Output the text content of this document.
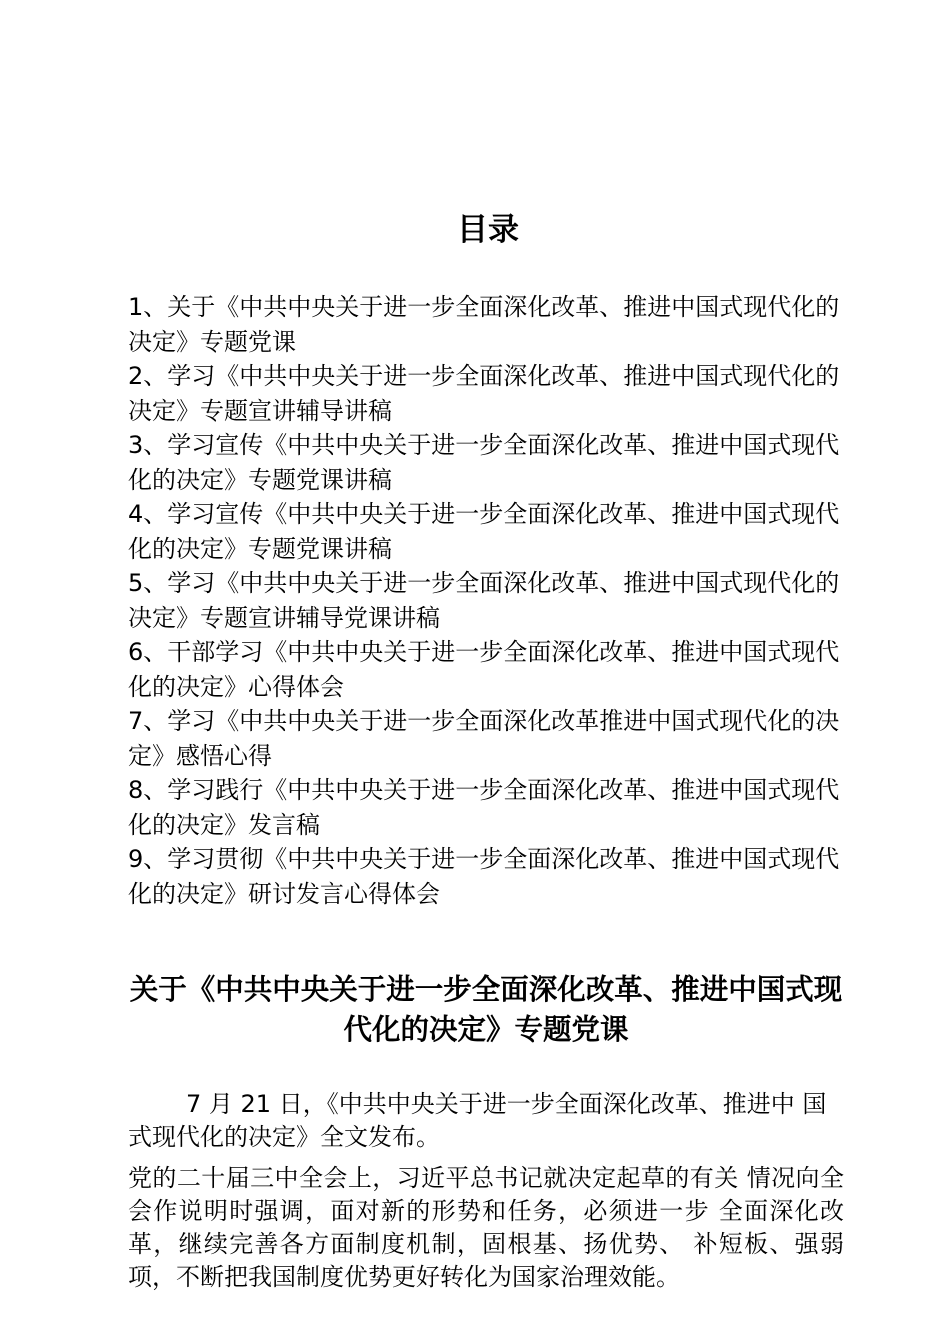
目录
1、关于《中共中央关于进一步全面深化改革、推进中国式现代化的决定》专题党课
2、学习《中共中央关于进一步全面深化改革、推进中国式现代化的决定》专题宣讲辅导讲稿
3、学习宣传《中共中央关于进一步全面深化改革、推进中国式现代化的决定》专题党课讲稿
4、学习宣传《中共中央关于进一步全面深化改革、推进中国式现代化的决定》专题党课讲稿
5、学习《中共中央关于进一步全面深化改革、推进中国式现代化的决定》专题宣讲辅导党课讲稿
6、干部学习《中共中央关于进一步全面深化改革、推进中国式现代化的决定》心得体会
7、学习《中共中央关于进一步全面深化改革推进中国式现代化的决定》感悟心得
8、学习践行《中共中央关于进一步全面深化改革、推进中国式现代化的决定》发言稿
9、学习贯彻《中共中央关于进一步全面深化改革、推进中国式现代化的决定》研讨发言心得体会
关于《中共中央关于进一步全面深化改革、推进中国式现代化的决定》专题党课

7 月 21 日，《中共中央关于进一步全面深化改革、推进中 国式现代化的决定》全文发布。

党的二十届三中全会上，习近平总书记就决定起草的有关 情况向全会作说明时强调，面对新的形势和任务，必须进一步 全面深化改革，继续完善各方面制度机制，固根基、扬优势、 补短板、强弱项，不断把我国制度优势更好转化为国家治理效能。
